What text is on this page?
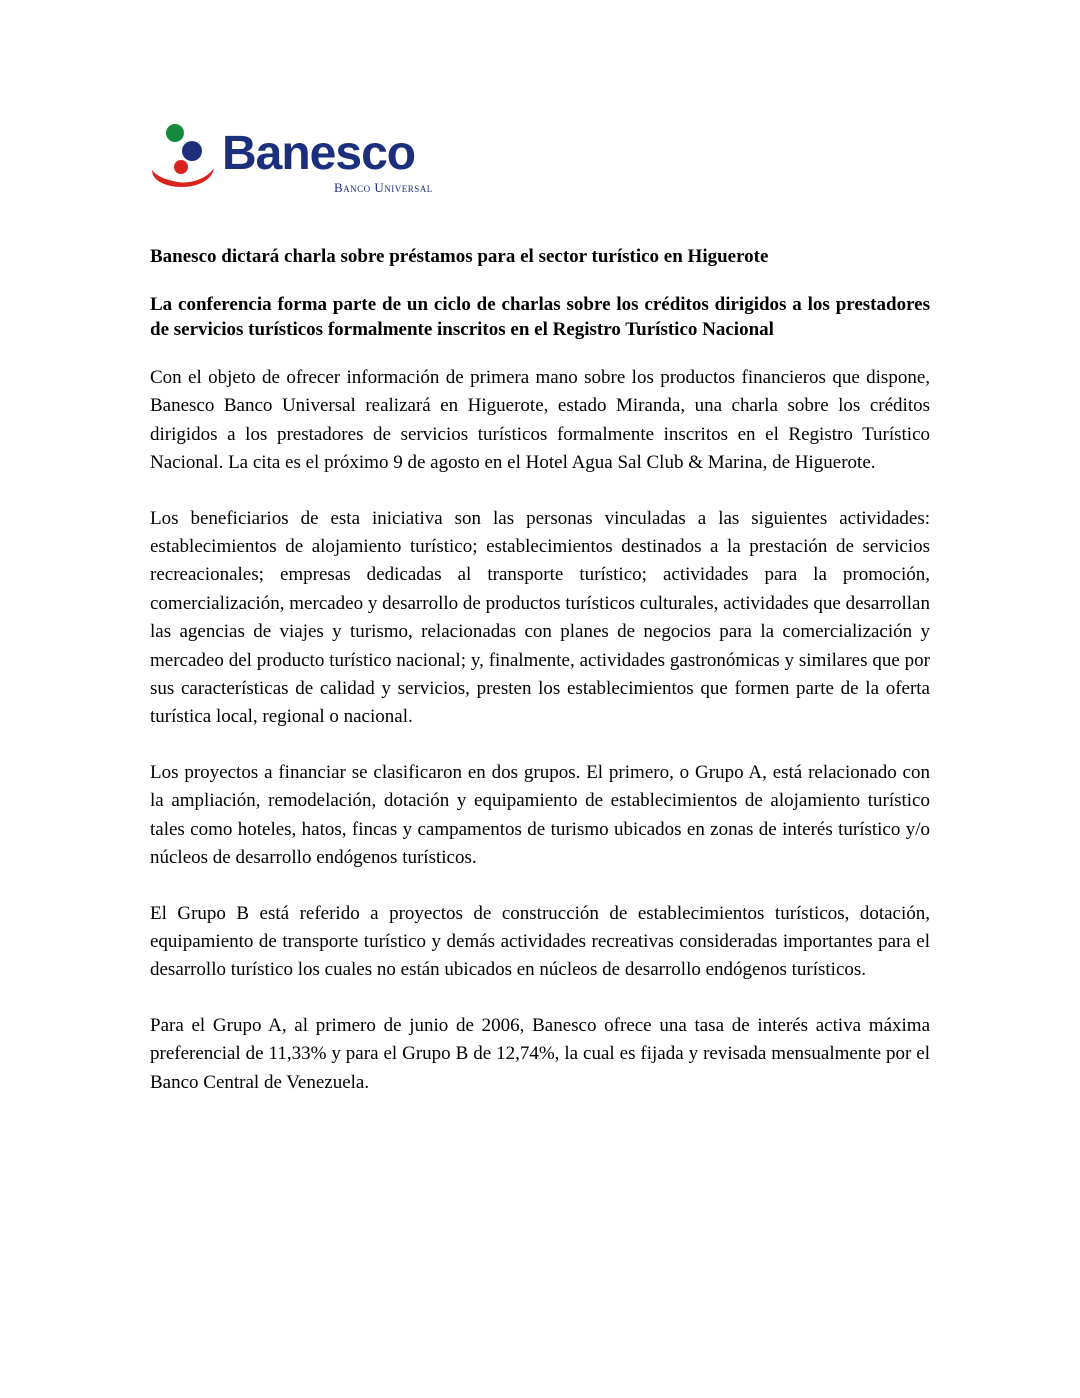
Banesco
Banco Universal
Banesco dictará charla sobre préstamos para el sector turístico en Higuerote
La conferencia forma parte de un ciclo de charlas sobre los créditos dirigidos a los prestadores de servicios turísticos formalmente inscritos en el Registro Turístico Nacional

Con el objeto de ofrecer información de primera mano sobre los productos financieros que dispone, Banesco Banco Universal realizará en Higuerote, estado Miranda, una charla sobre los créditos dirigidos a los prestadores de servicios turísticos formalmente inscritos en el Registro Turístico Nacional. La cita es el próximo 9 de agosto en el Hotel Agua Sal Club & Marina, de Higuerote.

Los beneficiarios de esta iniciativa son las personas vinculadas a las siguientes actividades: establecimientos de alojamiento turístico; establecimientos destinados a la prestación de servicios recreacionales; empresas dedicadas al transporte turístico; actividades para la promoción, comercialización, mercadeo y desarrollo de productos turísticos culturales, actividades que desarrollan las agencias de viajes y turismo, relacionadas con planes de negocios para la comercialización y mercadeo del producto turístico nacional; y, finalmente, actividades gastronómicas y similares que por sus características de calidad y servicios, presten los establecimientos que formen parte de la oferta turística local, regional o nacional.

Los proyectos a financiar se clasificaron en dos grupos. El primero, o Grupo A, está relacionado con la ampliación, remodelación, dotación y equipamiento de establecimientos de alojamiento turístico tales como hoteles, hatos, fincas y campamentos de turismo ubicados en zonas de interés turístico y/o núcleos de desarrollo endógenos turísticos.

El Grupo B está referido a proyectos de construcción de establecimientos turísticos, dotación, equipamiento de transporte turístico y demás actividades recreativas consideradas importantes para el desarrollo turístico los cuales no están ubicados en núcleos de desarrollo endógenos turísticos.

Para el Grupo A, al primero de junio de 2006, Banesco ofrece una tasa de interés activa máxima preferencial de 11,33% y para el Grupo B de 12,74%, la cual es fijada y revisada mensualmente por el Banco Central de Venezuela.
